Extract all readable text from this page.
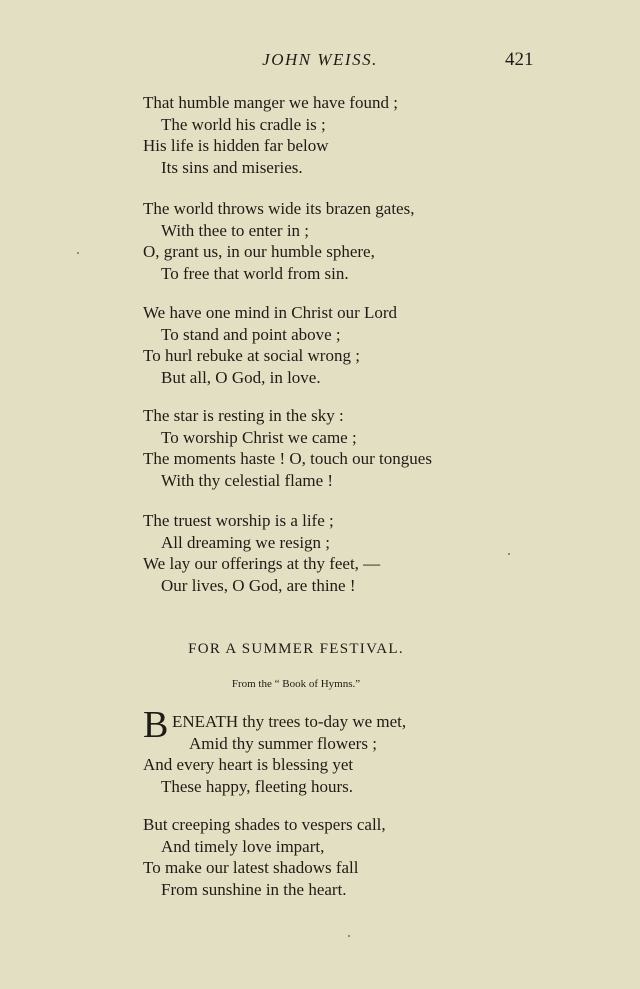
JOHN WEISS.	421
That humble manger we have found ;
The world his cradle is ;
His life is hidden far below
Its sins and miseries.
The world throws wide its brazen gates,
With thee to enter in ;
O, grant us, in our humble sphere,
To free that world from sin.
We have one mind in Christ our Lord
To stand and point above ;
To hurl rebuke at social wrong ;
But all, O God, in love.
The star is resting in the sky :
To worship Christ we came ;
The moments haste ! O, touch our tongues
With thy celestial flame !
The truest worship is a life ;
All dreaming we resign ;
We lay our offerings at thy feet, —
Our lives, O God, are thine !
FOR A SUMMER FESTIVAL.
From the “ Book of Hymns.”
B ENEATH thy trees to-day we met,
Amid thy summer flowers ;
And every heart is blessing yet
These happy, fleeting hours.
But creeping shades to vespers call,
And timely love impart,
To make our latest shadows fall
From sunshine in the heart.
